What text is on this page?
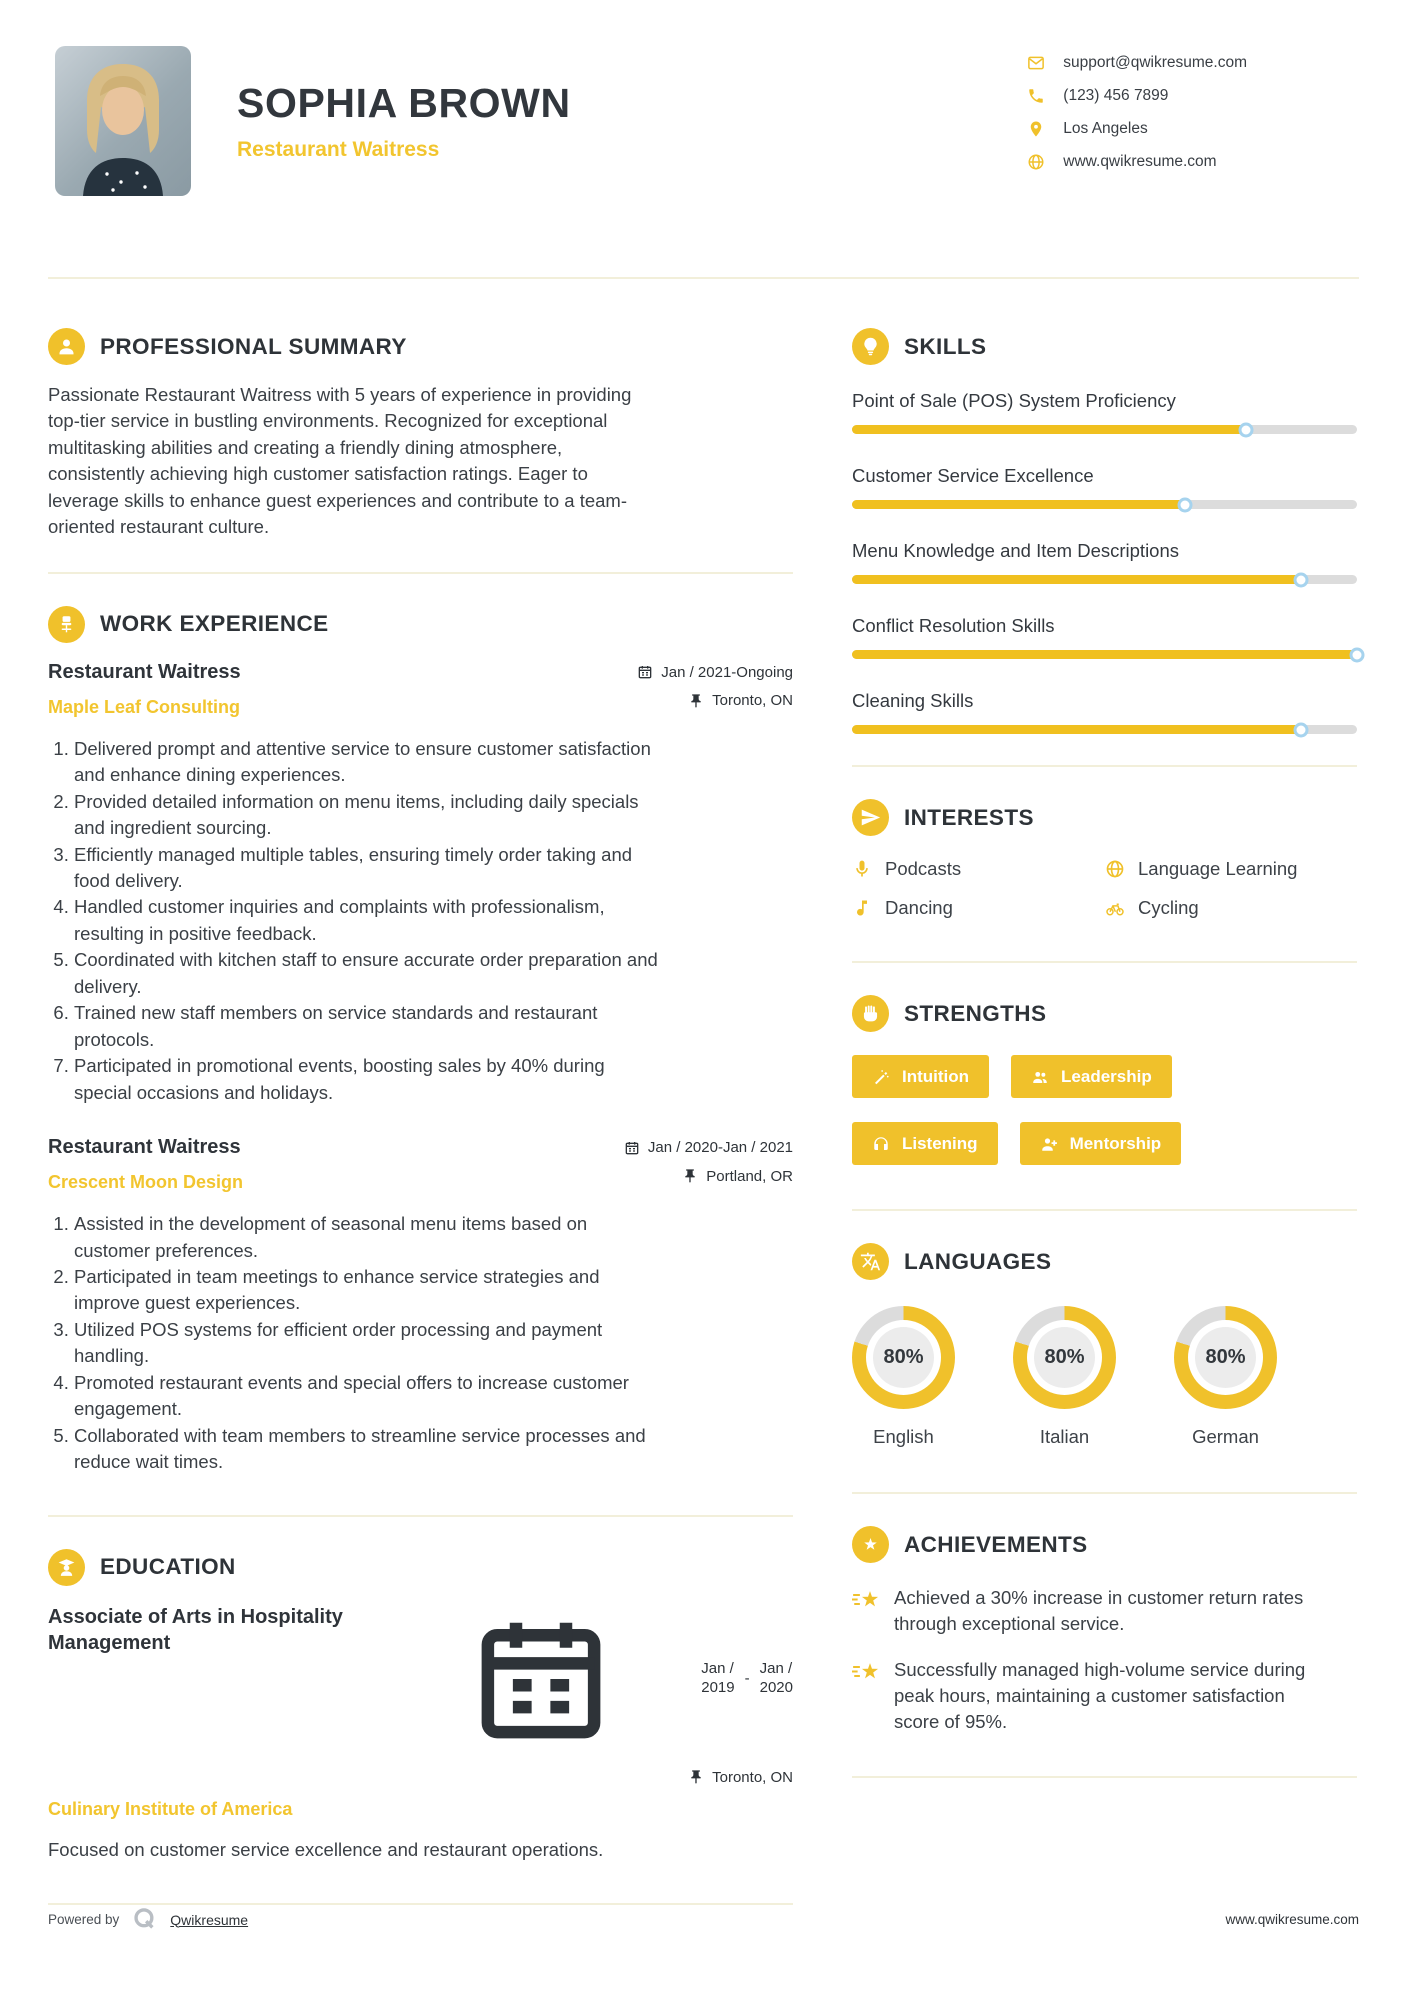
SOPHIA BROWN
Restaurant Waitress
support@qwikresume.com
(123) 456 7899
Los Angeles
www.qwikresume.com
PROFESSIONAL SUMMARY

Passionate Restaurant Waitress with 5 years of experience in providing top-tier service in bustling environments. Recognized for exceptional multitasking abilities and creating a friendly dining atmosphere, consistently achieving high customer satisfaction ratings. Eager to leverage skills to enhance guest experiences and contribute to a team-oriented restaurant culture.

WORK EXPERIENCE
Restaurant Waitress	Jan / 2021-Ongoing
Maple Leaf Consulting	Toronto, ON
1. Delivered prompt and attentive service to ensure customer satisfaction and enhance dining experiences.
2. Provided detailed information on menu items, including daily specials and ingredient sourcing.
3. Efficiently managed multiple tables, ensuring timely order taking and food delivery.
4. Handled customer inquiries and complaints with professionalism, resulting in positive feedback.
5. Coordinated with kitchen staff to ensure accurate order preparation and delivery.
6. Trained new staff members on service standards and restaurant protocols.
7. Participated in promotional events, boosting sales by 40% during special occasions and holidays.
Restaurant Waitress	Jan / 2020-Jan / 2021
Crescent Moon Design	Portland, OR
1. Assisted in the development of seasonal menu items based on customer preferences.
2. Participated in team meetings to enhance service strategies and improve guest experiences.
3. Utilized POS systems for efficient order processing and payment handling.
4. Promoted restaurant events and special offers to increase customer engagement.
5. Collaborated with team members to streamline service processes and reduce wait times.
EDUCATION
Associate of Arts in Hospitality Management
Jan /
2019 -
Jan /
2020
Toronto, ON
Culinary Institute of America

Focused on customer service excellence and restaurant operations.

SKILLS
Point of Sale (POS) System Proficiency
Customer Service Excellence
Menu Knowledge and Item Descriptions
Conflict Resolution Skills
Cleaning Skills
INTERESTS
Podcasts	Language Learning
Dancing	Cycling
STRENGTHS
Intuition	Leadership
Listening	Mentorship
LANGUAGES
80%
English
80%
Italian
80%
German
ACHIEVEMENTS

Achieved a 30% increase in customer return rates through exceptional service.

Successfully managed high-volume service during peak hours, maintaining a customer satisfaction score of 95%.

Powered by	Qwikresume	www.qwikresume.com
